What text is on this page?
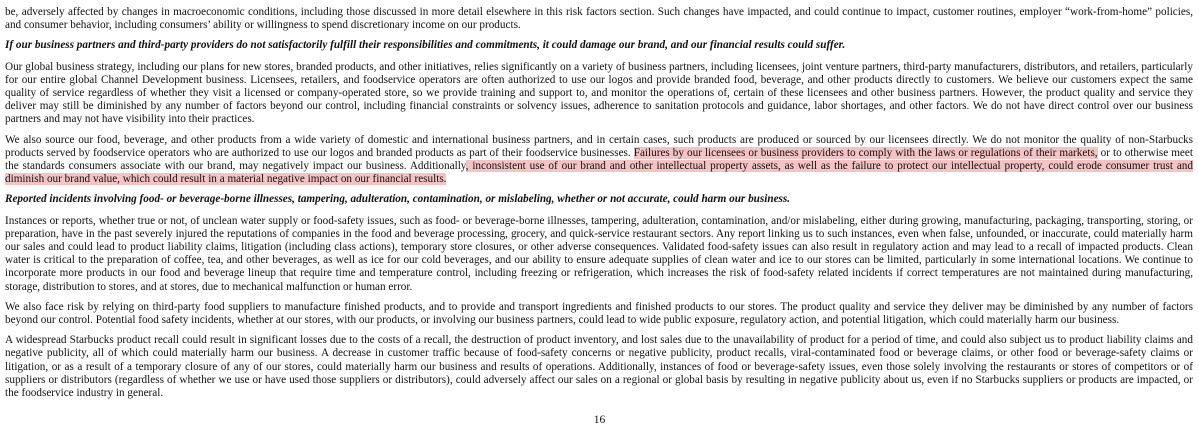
be, adversely affected by changes in macroeconomic conditions, including those discussed in more detail elsewhere in this risk factors section. Such changes have impacted, and could continue to impact, customer routines, employer “work-from-home” policies, and consumer behavior, including consumers’ ability or willingness to spend discretionary income on our products.

If our business partners and third-party providers do not satisfactorily fulfill their responsibilities and commitments, it could damage our brand, and our financial results could suffer.

Our global business strategy, including our plans for new stores, branded products, and other initiatives, relies significantly on a variety of business partners, including licensees, joint venture partners, third-party manufacturers, distributors, and retailers, particularly for our entire global Channel Development business. Licensees, retailers, and foodservice operators are often authorized to use our logos and provide branded food, beverage, and other products directly to customers. We believe our customers expect the same quality of service regardless of whether they visit a licensed or company-operated store, so we provide training and support to, and monitor the operations of, certain of these licensees and other business partners. However, the product quality and service they deliver may still be diminished by any number of factors beyond our control, including financial constraints or solvency issues, adherence to sanitation protocols and guidance, labor shortages, and other factors. We do not have direct control over our business partners and may not have visibility into their practices.

We also source our food, beverage, and other products from a wide variety of domestic and international business partners, and in certain cases, such products are produced or sourced by our licensees directly. We do not monitor the quality of non-Starbucks products served by foodservice operators who are authorized to use our logos and branded products as part of their foodservice businesses. Failures by our licensees or business providers to comply with the laws or regulations of their markets, or to otherwise meet the standards consumers associate with our brand, may negatively impact our business. Additionally, inconsistent use of our brand and other intellectual property assets, as well as the failure to protect our intellectual property, could erode consumer trust and diminish our brand value, which could result in a material negative impact on our financial results.

Reported incidents involving food- or beverage-borne illnesses, tampering, adulteration, contamination, or mislabeling, whether or not accurate, could harm our business.

Instances or reports, whether true or not, of unclean water supply or food-safety issues, such as food- or beverage-borne illnesses, tampering, adulteration, contamination, and/or mislabeling, either during growing, manufacturing, packaging, transporting, storing, or preparation, have in the past severely injured the reputations of companies in the food and beverage processing, grocery, and quick-service restaurant sectors. Any report linking us to such instances, even when false, unfounded, or inaccurate, could materially harm our sales and could lead to product liability claims, litigation (including class actions), temporary store closures, or other adverse consequences. Validated food-safety issues can also result in regulatory action and may lead to a recall of impacted products. Clean water is critical to the preparation of coffee, tea, and other beverages, as well as ice for our cold beverages, and our ability to ensure adequate supplies of clean water and ice to our stores can be limited, particularly in some international locations. We continue to incorporate more products in our food and beverage lineup that require time and temperature control, including freezing or refrigeration, which increases the risk of food-safety related incidents if correct temperatures are not maintained during manufacturing, storage, distribution to stores, and at stores, due to mechanical malfunction or human error.

We also face risk by relying on third-party food suppliers to manufacture finished products, and to provide and transport ingredients and finished products to our stores. The product quality and service they deliver may be diminished by any number of factors beyond our control. Potential food safety incidents, whether at our stores, with our products, or involving our business partners, could lead to wide public exposure, regulatory action, and potential litigation, which could materially harm our business.

A widespread Starbucks product recall could result in significant losses due to the costs of a recall, the destruction of product inventory, and lost sales due to the unavailability of product for a period of time, and could also subject us to product liability claims and negative publicity, all of which could materially harm our business. A decrease in customer traffic because of food-safety concerns or negative publicity, product recalls, viral-contaminated food or beverage claims, or other food or beverage-safety claims or litigation, or as a result of a temporary closure of any of our stores, could materially harm our business and results of operations. Additionally, instances of food or beverage-safety issues, even those solely involving the restaurants or stores of competitors or of suppliers or distributors (regardless of whether we use or have used those suppliers or distributors), could adversely affect our sales on a regional or global basis by resulting in negative publicity about us, even if no Starbucks suppliers or products are impacted, or the foodservice industry in general.

16
